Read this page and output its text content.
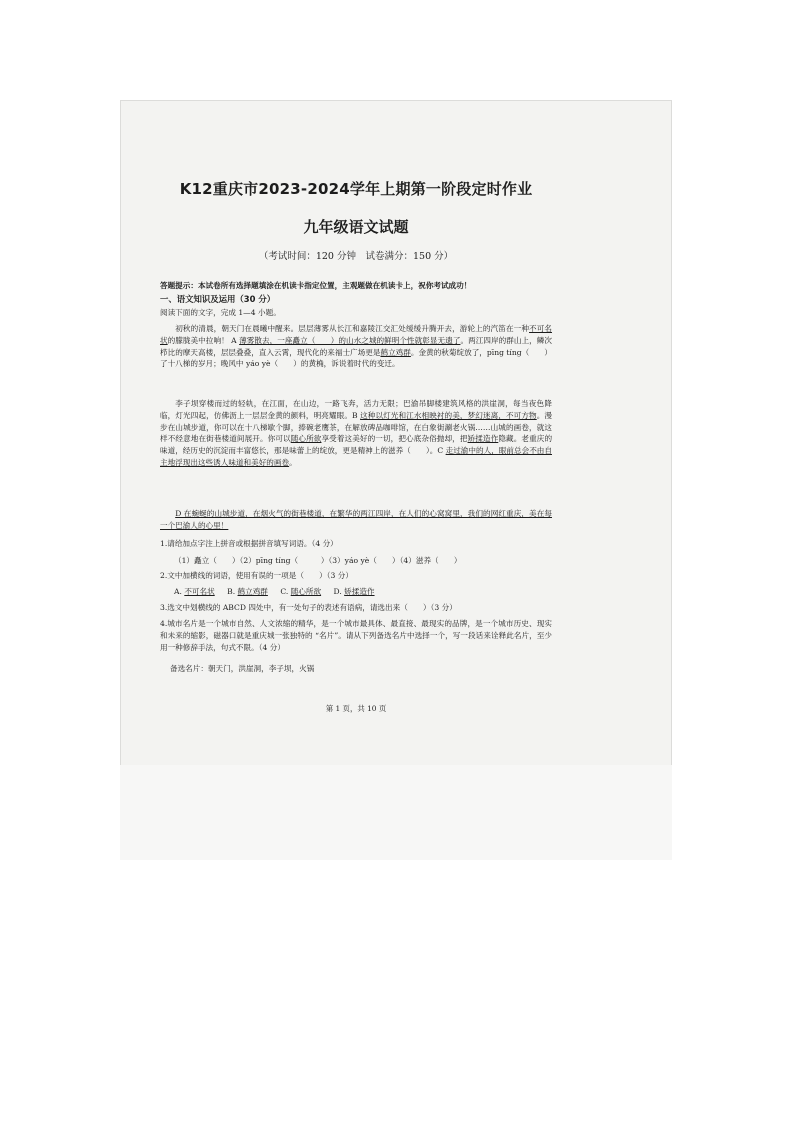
K12重庆市2023-2024学年上期第一阶段定时作业
九年级语文试题
（考试时间：120 分钟　试卷满分：150 分）
答题提示：本试卷所有选择题填涂在机读卡指定位置，主观题做在机读卡上，祝你考试成功！
一、语文知识及运用（30 分）
阅读下面的文字，完成 1—4 小题。
初秋的清晨，朝天门在晨曦中醒来。层层薄雾从长江和嘉陵江交汇处缓缓升腾开去，游轮上的汽笛在一种不可名状的朦胧美中拉响！ A 薄雾散去，一座矗立（　　）的山水之城的鲜明个性就彰显无遗了。两江四岸的群山上，鳞次栉比的摩天高楼，层层叠叠，直入云霄，现代化的来福士广场更是鹤立鸡群。金黄的秋菊绽放了，pīng tíng（　　）了十八梯的岁月；晚风中 yáo yè（　　）的黄桷，诉说着时代的变迁。
李子坝穿楼而过的轻轨，在江面，在山边，一路飞奔，活力无限；巴渝吊脚楼建筑风格的洪崖洞，每当夜色降临，灯光四起，仿佛沥上一层层金黄的颜料，明亮耀眼。B 这种以灯光和江水相映衬的美，梦幻迷离，不可方物。漫步在山城步道，你可以在十八梯歇个脚，捧碗老鹰茶，在解放碑品咖啡馆，在白象街涮老火锅……山城的画卷，就这样不经意地在街巷楼道间展开。你可以随心所欲享受着这美好的一切，把心底杂俗抛却，把矫揉造作隐藏。老重庆的味道，经历史的沉淀而丰富悠长，那是味蕾上的绽放，更是精神上的滋养（　　）。C 走过渝中的人，眼前总会不由自主地浮现出这些诱人味道和美好的画卷。
D 在蜿蜒的山城步道，在烟火气的街巷楼道，在繁华的两江四岸，在人们的心窝窝里，我们的网红重庆，美在每一个巴渝人的心里！
1.请给加点字注上拼音或根据拼音填写词语。（4 分）
（1）矗立（　　）（2）pīng tíng（　　　）（3）yáo yè（　　）（4）滋养（　　）
2.文中加横线的词语，使用有误的一项是（　　）（3 分）
A. 不可名状 B. 鹤立鸡群 C. 随心所欲 D. 矫揉造作
3.选文中划横线的 ABCD 四处中，有一处句子的表述有语病，请选出来（　　）（3 分）
4.城市名片是一个城市自然、人文浓缩的精华，是一个城市最具体、最直接、最现实的品牌，是一个城市历史、现实和未来的缩影，磁器口就是重庆城一张独特的 “名片”。请从下列备选名片中选择一个，写一段话来诠释此名片，至少用一种修辞手法，句式不限。（4 分）
备选名片：朝天门，洪崖洞，李子坝，火锅
第 1 页，共 10 页
